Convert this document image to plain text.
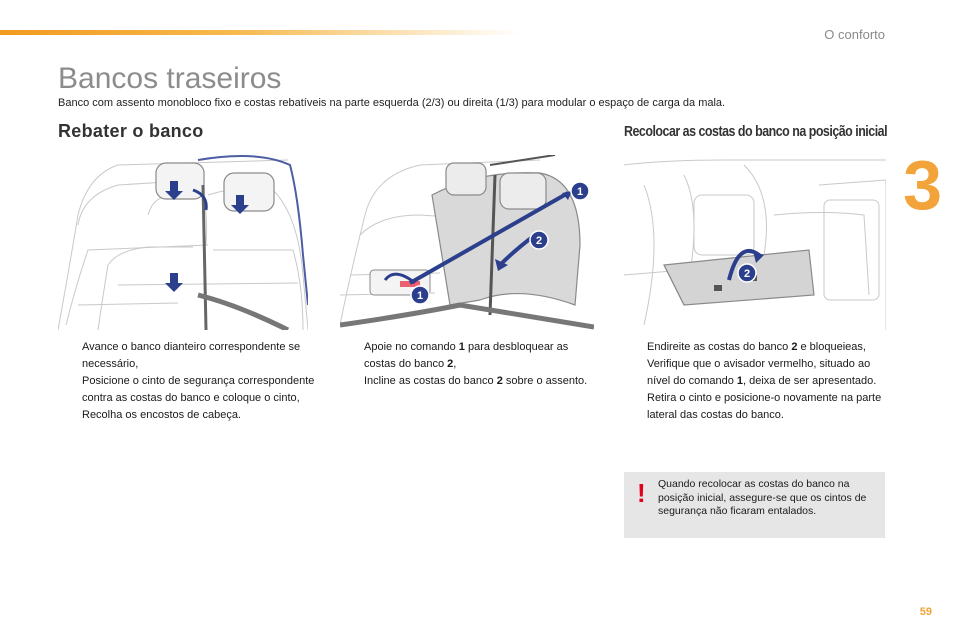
O conforto
3
Bancos traseiros
Banco com assento monobloco fixo e costas rebatíveis na parte esquerda (2/3) ou direita (1/3) para modular o espaço de carga da mala.
Rebater o banco	Recolocar as costas do banco na posição inicial
1
2
1
2
Avance o banco dianteiro correspondente se necessário,
Posicione o cinto de segurança correspondente contra as costas do banco e coloque o cinto,
Recolha os encostos de cabeça.
Apoie no comando 1 para desbloquear as costas do banco 2,
Incline as costas do banco 2 sobre o assento.
Endireite as costas do banco 2 e bloqueieas,
Verifique que o avisador vermelho, situado ao nível do comando 1, deixa de ser apresentado.
Retira o cinto e posicione-o novamente na parte lateral das costas do banco.
! Quando recolocar as costas do banco na posição inicial, assegure-se que os cintos de segurança não ficaram entalados.
59
